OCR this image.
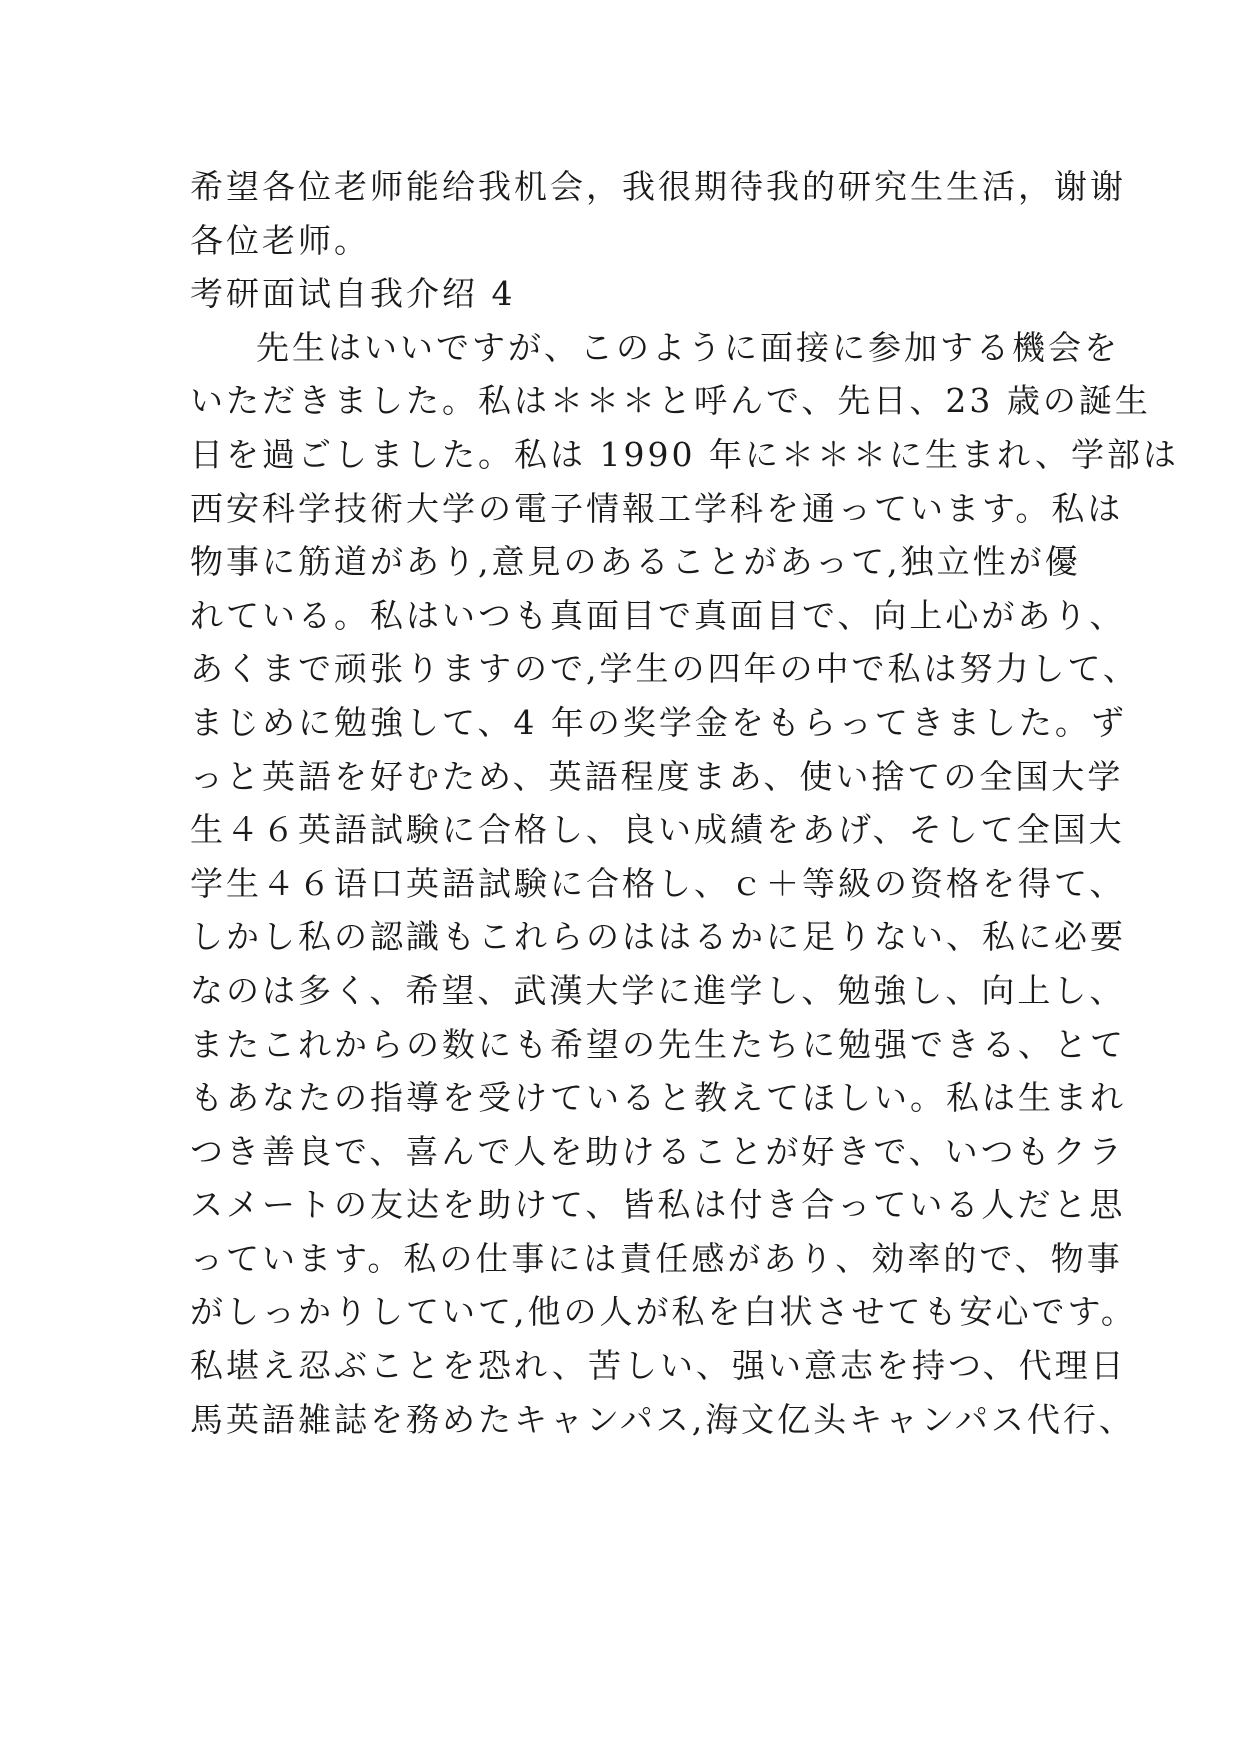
希望各位老师能给我机会，我很期待我的研究生生活，谢谢
各位老师。
考研面试自我介绍 4
先生はいいですが、このように面接に参加する機会を
いただきました。私は＊＊＊と呼んで、先日、23 歳の誕生
日を過ごしました。私は 1990 年に＊＊＊に生まれ、学部は
西安科学技術大学の電子情報工学科を通っています。私は
物事に筋道があり,意見のあることがあって,独立性が優
れている。私はいつも真面目で真面目で、向上心があり、
あくまで顽张りますので,学生の四年の中で私は努力して、
まじめに勉強して、4 年の奖学金をもらってきました。ず
っと英語を好むため、英語程度まあ、使い捨ての全国大学
生４６英語試験に合格し、良い成績をあげ、そして全国大
学生４６语口英語試験に合格し、ｃ＋等級の资格を得て、
しかし私の認識もこれらのははるかに足りない、私に必要
なのは多く、希望、武漢大学に進学し、勉強し、向上し、
またこれからの数にも希望の先生たちに勉强できる、とて
もあなたの指導を受けていると教えてほしい。私は生まれ
つき善良で、喜んで人を助けることが好きで、いつもクラ
スメートの友达を助けて、皆私は付き合っている人だと思
っています。私の仕事には責任感があり、効率的で、物事
がしっかりしていて,他の人が私を白状させても安心です。
私堪え忍ぶことを恐れ、苦しい、强い意志を持つ、代理日
馬英語雑誌を務めたキャンパス,海文亿头キャンパス代行、
